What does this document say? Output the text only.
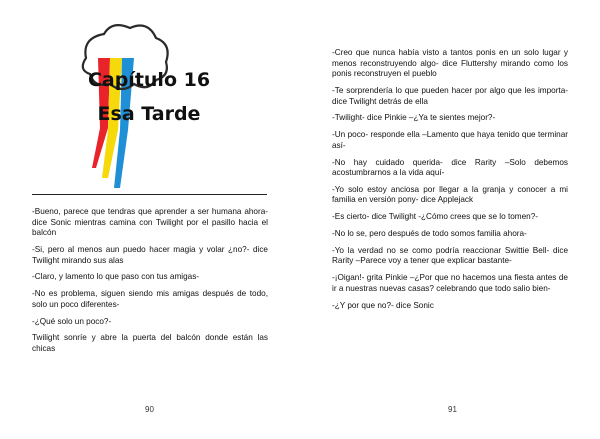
Capítulo 16
Esa Tarde

-Bueno, parece que tendras que aprender a ser humana ahora- dice Sonic mientras camina con Twilight por el pasillo hacia el balcón

-Si, pero al menos aun puedo hacer magia y volar ¿no?- dice Twilight mirando sus alas

-Claro, y lamento lo que paso con tus amigas-

-No es problema, siguen siendo mis amigas después de todo, solo un poco diferentes-

-¿Qué solo un poco?-

Twilight sonríe y abre la puerta del balcón donde están las chicas

90

-Creo que nunca había visto a tantos ponis en un solo lugar y menos reconstruyendo algo- dice Fluttershy mirando como los ponis reconstruyen el pueblo

-Te sorprendería lo que pueden hacer por algo que les importa- dice Twilight detrás de ella

-Twilight- dice Pinkie –¿Ya te sientes mejor?-

-Un poco- responde ella –Lamento que haya tenido que terminar así-

-No hay cuidado querida- dice Rarity –Solo debemos acostumbrarnos a la vida aquí-

-Yo solo estoy anciosa por llegar a la granja y conocer a mi familia en versión pony- dice Applejack

-Es cierto- dice Twilight -¿Cómo crees que se lo tomen?-

-No lo se, pero después de todo somos familia ahora-

-Yo la verdad no se como podría reaccionar Swittie Bell- dice Rarity –Parece voy a tener que explicar bastante-

-¡Oigan!- grita Pinkie –¿Por que no hacemos una fiesta antes de ir a nuestras nuevas casas? celebrando que todo salio bien-

-¿Y por que no?- dice Sonic

91
